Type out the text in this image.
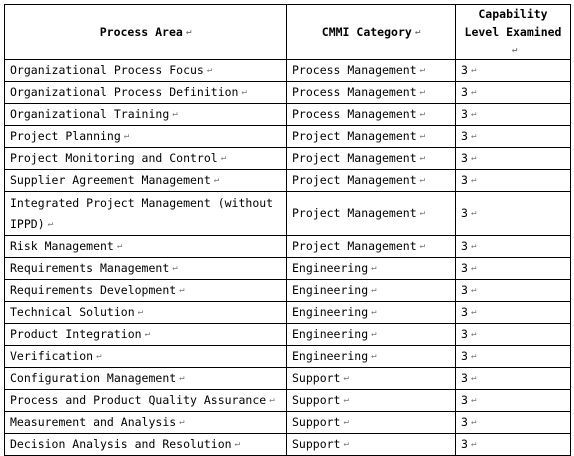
Process Area ↵	CMMI Category ↵	Capability Level Examined↵
Organizational Process Focus ↵	Process Management ↵	3 ↵
Organizational Process Definition ↵	Process Management ↵	3 ↵
Organizational Training ↵	Process Management ↵	3 ↵
Project Planning ↵	Project Management ↵	3 ↵
Project Monitoring and Control ↵	Project Management ↵	3 ↵
Supplier Agreement Management ↵	Project Management ↵	3 ↵
Integrated Project Management (without IPPD) ↵	Project Management ↵	3 ↵
Risk Management ↵	Project Management ↵	3 ↵
Requirements Management ↵	Engineering ↵	3 ↵
Requirements Development ↵	Engineering ↵	3 ↵
Technical Solution ↵	Engineering ↵	3 ↵
Product Integration ↵	Engineering ↵	3 ↵
Verification ↵	Engineering ↵	3 ↵
Configuration Management ↵	Support ↵	3 ↵
Process and Product Quality Assurance ↵	Support ↵	3 ↵
Measurement and Analysis ↵	Support ↵	3 ↵
Decision Analysis and Resolution ↵	Support ↵	3 ↵
